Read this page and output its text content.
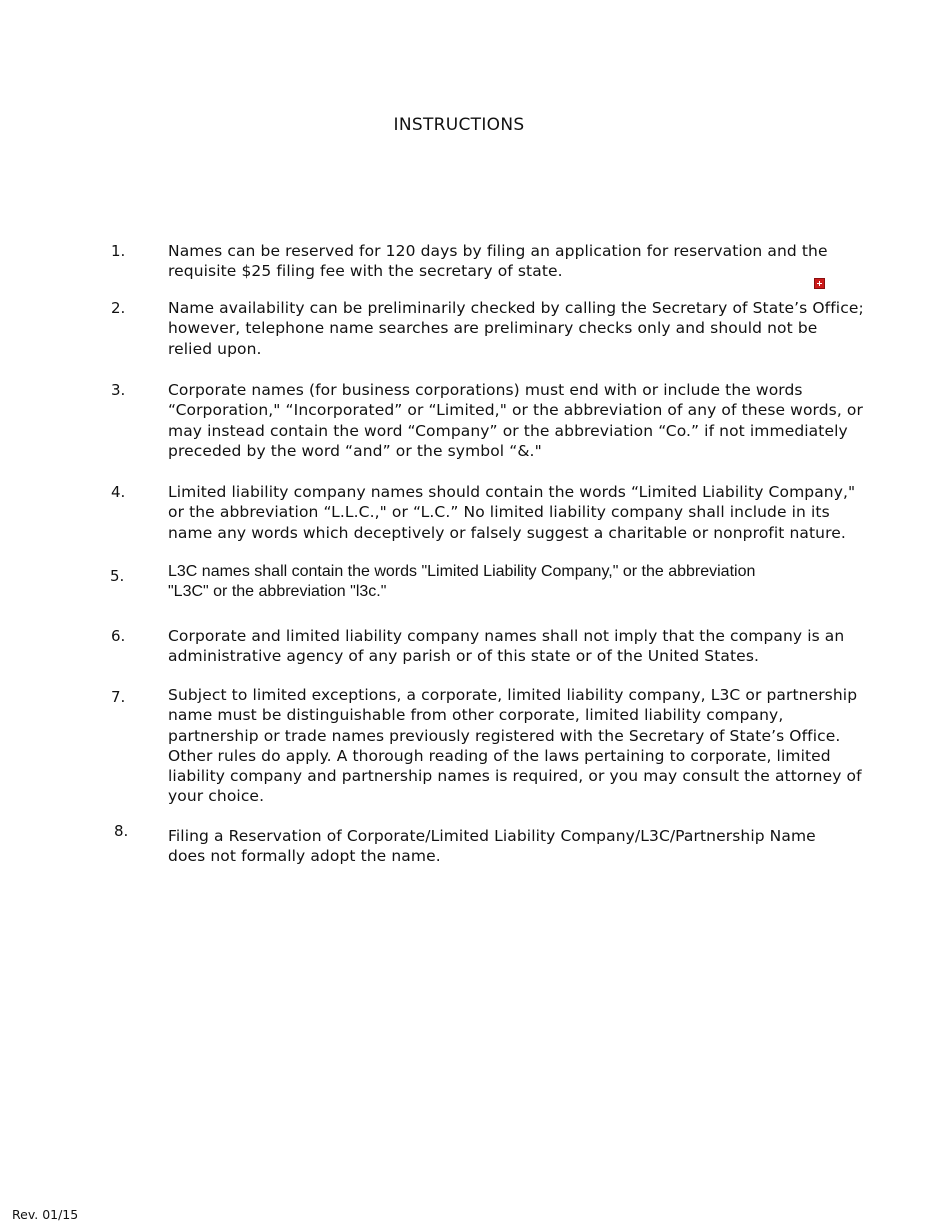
INSTRUCTIONS
1.	Names can be reserved for 120 days by filing an application for reservation and the
requisite $25 filing fee with the secretary of state.
2.	Name availability can be preliminarily checked by calling the Secretary of State’s Office;
however, telephone name searches are preliminary checks only and should not be
relied upon.
3.	Corporate names (for business corporations) must end with or include the words
“Corporation," “Incorporated” or “Limited," or the abbreviation of any of these words, or
may instead contain the word “Company” or the abbreviation “Co.” if not immediately
preceded by the word “and” or the symbol “&."
4.	Limited liability company names should contain the words “Limited Liability Company,"
or the abbreviation “L.L.C.," or “L.C.” No limited liability company shall include in its
name any words which deceptively or falsely suggest a charitable or nonprofit nature.
5.	L3C names shall contain the words "Limited Liability Company," or the abbreviation
"L3C" or the abbreviation "l3c."
6.	Corporate and limited liability company names shall not imply that the company is an
administrative agency of any parish or of this state or of the United States.
7.	Subject to limited exceptions, a corporate, limited liability company, L3C or partnership
name must be distinguishable from other corporate, limited liability company,
partnership or trade names previously registered with the Secretary of State’s Office.
Other rules do apply. A thorough reading of the laws pertaining to corporate, limited
liability company and partnership names is required, or you may consult the attorney of
your choice.
8.	Filing a Reservation of Corporate/Limited Liability Company/L3C/Partnership Name
does not formally adopt the name.
Rev. 01/15
